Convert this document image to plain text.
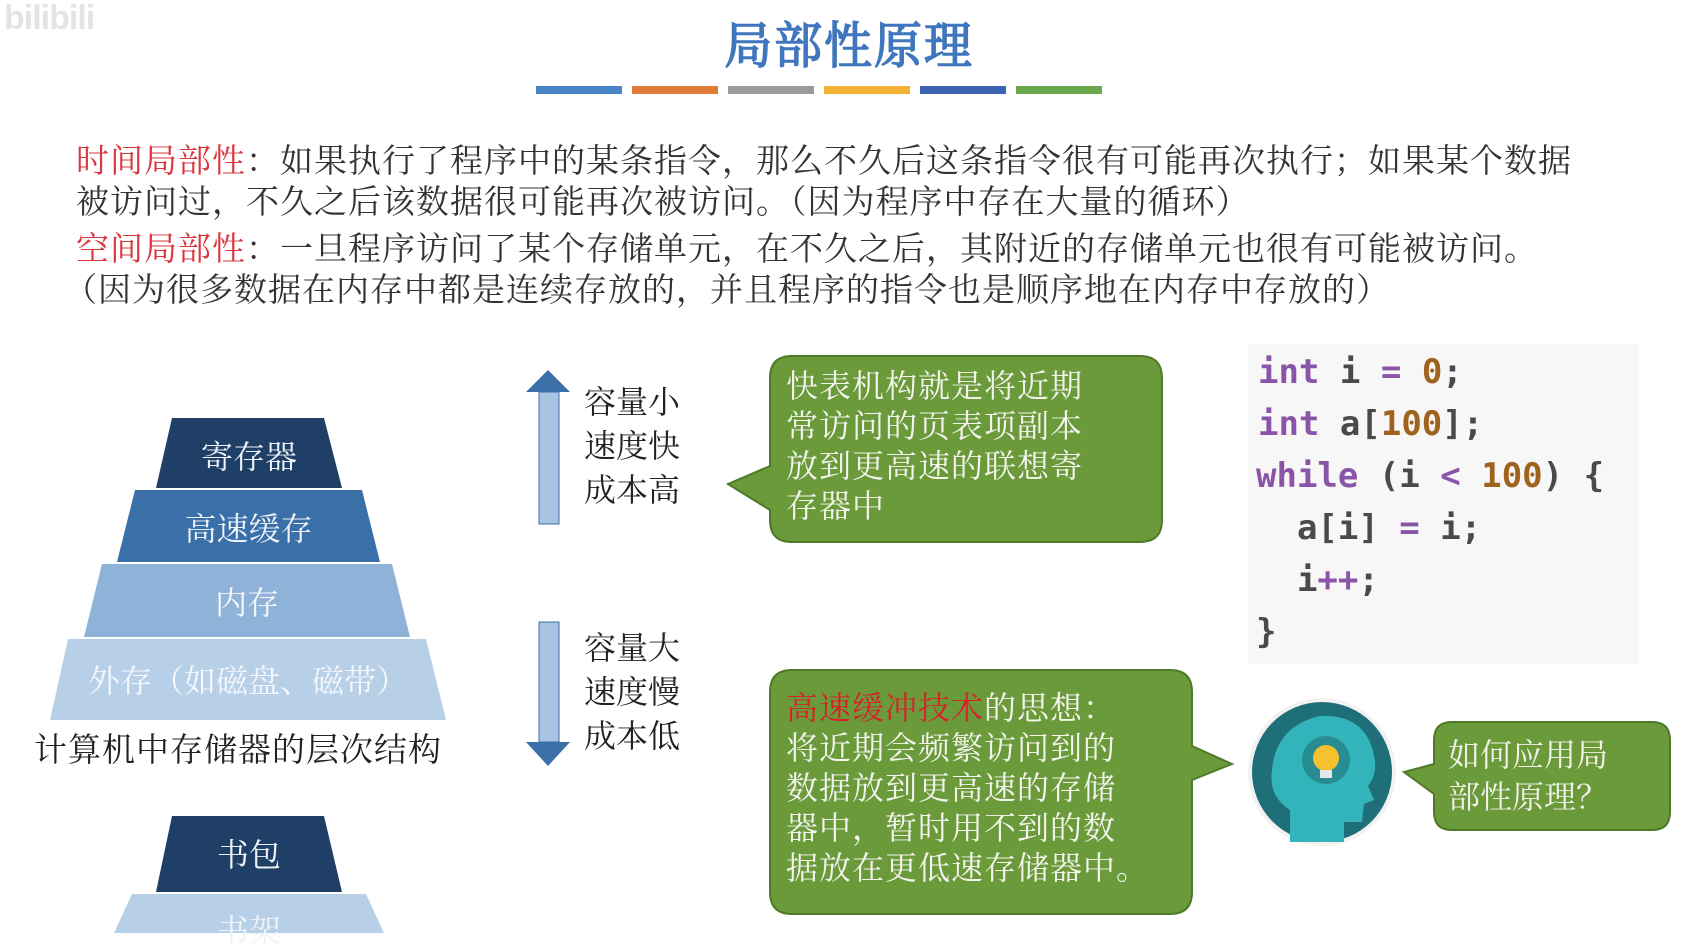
bilibili	局部性原理
时间局部性：如果执行了程序中的某条指令，那么不久后这条指令很有可能再次执行；如果某个数据
被访问过，不久之后该数据很可能再次被访问。（因为程序中存在大量的循环）
空间局部性：一旦程序访问了某个存储单元，在不久之后，其附近的存储单元也很有可能被访问。
（因为很多数据在内存中都是连续存放的，并且程序的指令也是顺序地在内存中存放的）
寄存器
高速缓存
内存
外存（如磁盘、磁带）
计算机中存储器的层次结构
书包
书架
容量小
速度快
成本高
容量大
速度慢
成本低
快表机构就是将近期
常访问的页表项副本
放到更高速的联想寄
存器中
高速缓冲技术的思想：
将近期会频繁访问到的
数据放到更高速的存储
器中，暂时用不到的数
据放在更低速存储器中。
int i = 0;
int a[100];
while (i < 100) {
a[i] = i;
i++;
}
如何应用局
部性原理？
